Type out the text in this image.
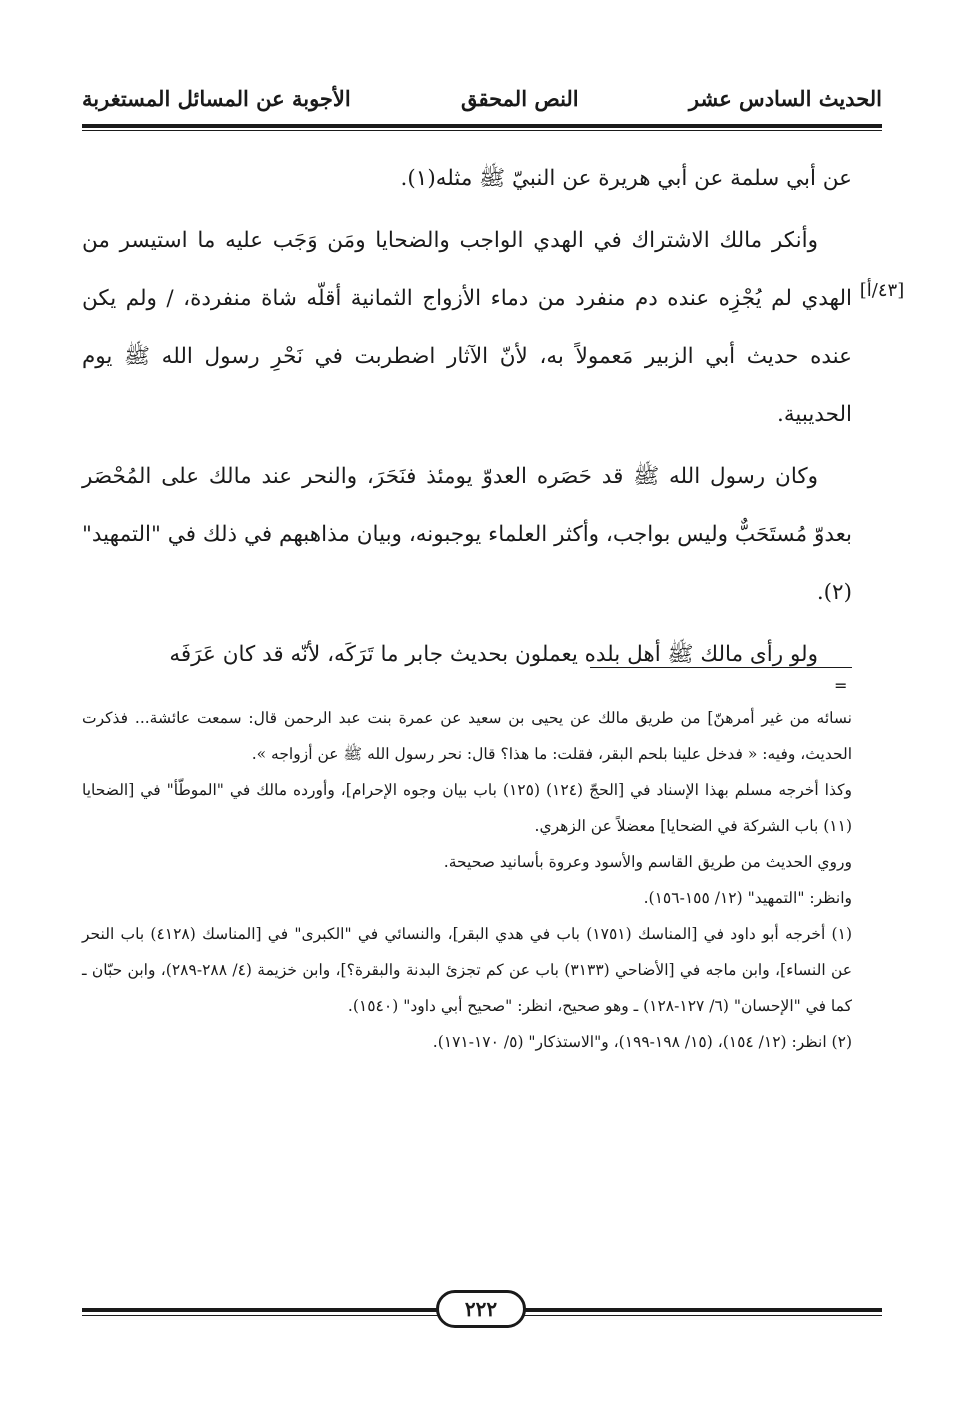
الحديث السادس عشر
النص المحقق
الأجوبة عن المسائل المستغربة
[٤٣/أ]

عن أبي سلمة عن أبي هريرة عن النبيّ ﷺ مثله(١).

وأنكر مالك الاشتراك في الهدي الواجب والضحايا ومَن وَجَب عليه ما استيسر من الهدي لم يُجْزِه عنده دم منفرد من دماء الأزواج الثمانية أقلّه شاة منفردة، / ولم يكن عنده حديث أبي الزبير مَعمولاً به، لأنّ الآثار اضطربت في نَحْرِ رسول الله ﷺ يوم الحديبية.

وكان رسول الله ﷺ قد حَصَره العدوّ يومئذ فنَحَرَ، والنحر عند مالك على المُحْصَر بعدوّ مُستَحَبٌّ وليس بواجب، وأكثر العلماء يوجبونه، وبيان مذاهبهم في ذلك في "التمهيد"(٢).

ولو رأى مالك ﷺ أهل بلده يعملون بحديث جابر ما تَرَكَه، لأنّه قد كان عَرَفَه

=

نسائه من غير أمرهنّ] من طريق مالك عن يحيى بن سعيد عن عمرة بنت عبد الرحمن قال: سمعت عائشة... فذكرت الحديث، وفيه: « فدخل علينا بلحم البقر، فقلت: ما هذا؟ قال: نحر رسول الله ﷺ عن أزواجه ».

وكذا أخرجه مسلم بهذا الإسناد في [الحجّ (١٢٤) (١٢٥) باب بيان وجوه الإحرام]، وأورده مالك في "الموطّأ" في [الضحايا (١١) باب الشركة في الضحايا] معضلاً عن الزهري.

وروي الحديث من طريق القاسم والأسود وعروة بأسانيد صحيحة.

وانظر: "التمهيد" (١٢/ ١٥٥-١٥٦).

(١) أخرجه أبو داود في [المناسك (١٧٥١) باب في هدي البقر]، والنسائي في "الكبرى" في [المناسك (٤١٢٨) باب النحر عن النساء]، وابن ماجه في [الأضاحي (٣١٣٣) باب عن كم تجزئ البدنة والبقرة؟]، وابن خزيمة (٤/ ٢٨٨-٢٨٩)، وابن حبّان ـ كما في "الإحسان" (٦/ ١٢٧-١٢٨) ـ وهو صحيح، انظر: "صحيح أبي داود" (١٥٤٠).

(٢) انظر: (١٢/ ١٥٤)، (١٥/ ١٩٨-١٩٩)، و"الاستذكار" (٥/ ١٧٠-١٧١).

٢٢٢
